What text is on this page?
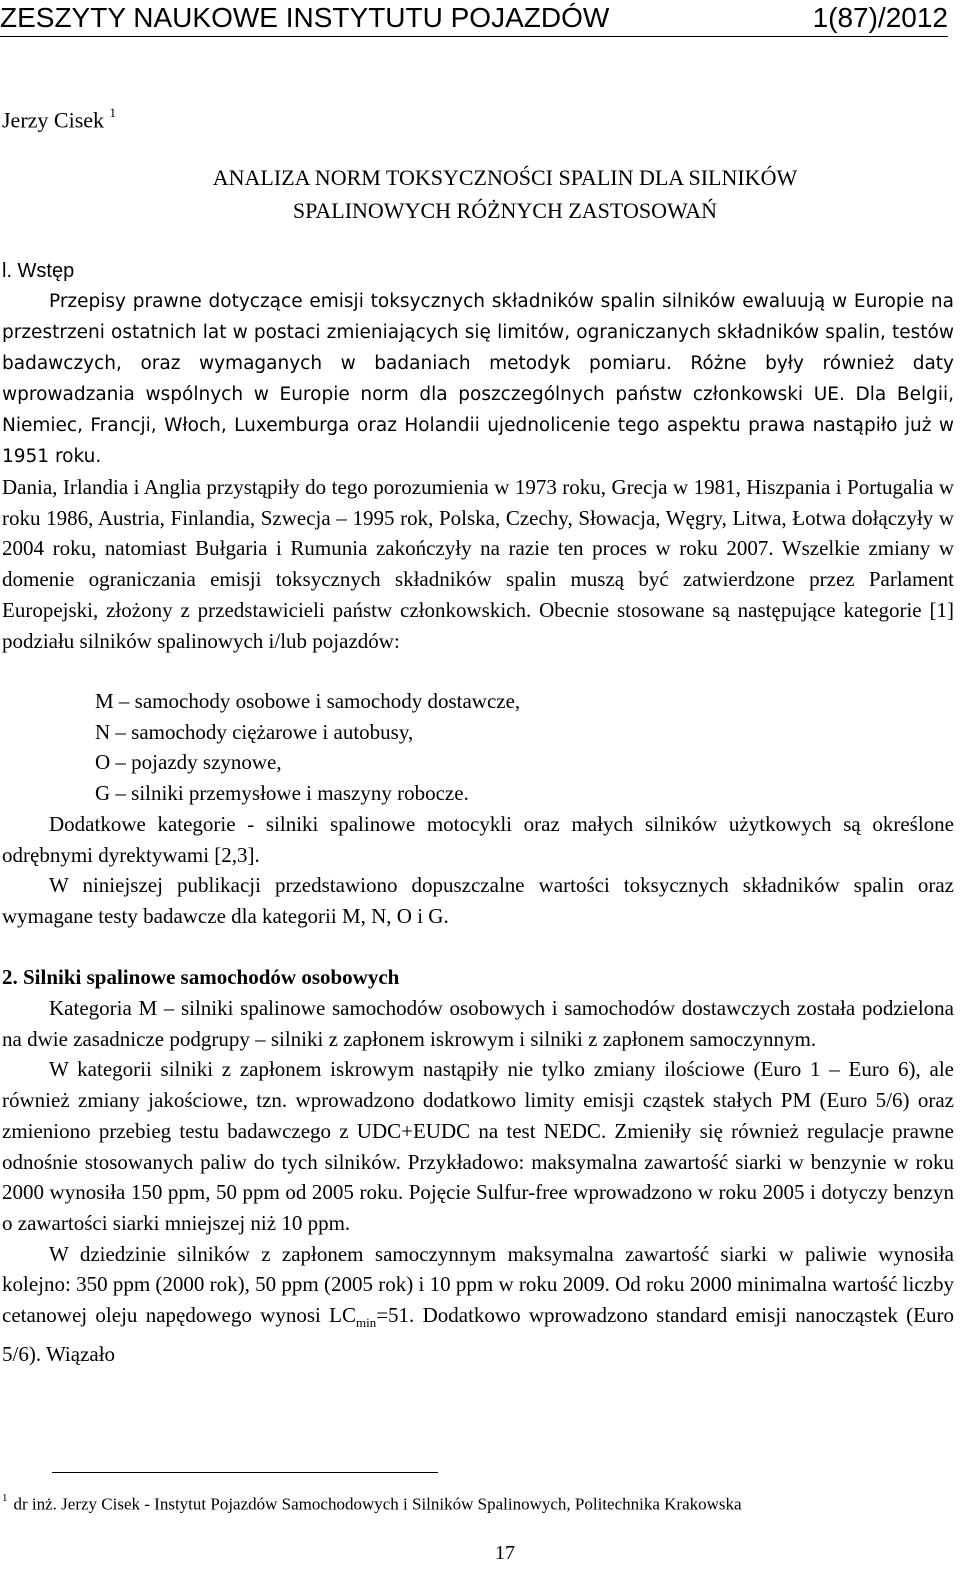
ZESZYTY NAUKOWE INSTYTUTU POJAZDÓW	1(87)/2012
Jerzy Cisek $^1$
ANALIZA NORM TOKSYCZNOŚCI SPALIN DLA SILNIKÓW
SPALINOWYCH RÓŻNYCH ZASTOSOWAŃ
l. Wstęp

Przepisy prawne dotyczące emisji toksycznych składników spalin silników ewaluują w Europie na przestrzeni ostatnich lat w postaci zmieniających się limitów, ograniczanych składników spalin, testów badawczych, oraz wymaganych w badaniach metodyk pomiaru. Różne były również daty wprowadzania wspólnych w Europie norm dla poszczególnych państw członkowski UE. Dla Belgii, Niemiec, Francji, Włoch, Luxemburga oraz Holandii ujednolicenie tego aspektu prawa nastąpiło już w 1951 roku.

Dania, Irlandia i Anglia przystąpiły do tego porozumienia w 1973 roku, Grecja w 1981, Hiszpania i Portugalia w roku 1986, Austria, Finlandia, Szwecja – 1995 rok, Polska, Czechy, Słowacja, Węgry, Litwa, Łotwa dołączyły w 2004 roku, natomiast Bułgaria i Rumunia zakończyły na razie ten proces w roku 2007. Wszelkie zmiany w domenie ograniczania emisji toksycznych składników spalin muszą być zatwierdzone przez Parlament Europejski, złożony z przedstawicieli państw członkowskich. Obecnie stosowane są następujące kategorie [1] podziału silników spalinowych i/lub pojazdów:

M – samochody osobowe i samochody dostawcze,
N – samochody ciężarowe i autobusy,
O – pojazdy szynowe,
G – silniki przemysłowe i maszyny robocze.

Dodatkowe kategorie - silniki spalinowe motocykli oraz małych silników użytkowych są określone odrębnymi dyrektywami [2,3].

W niniejszej publikacji przedstawiono dopuszczalne wartości toksycznych składników spalin oraz wymagane testy badawcze dla kategorii M, N, O i G.

2. Silniki spalinowe samochodów osobowych

Kategoria M – silniki spalinowe samochodów osobowych i samochodów dostawczych została podzielona na dwie zasadnicze podgrupy – silniki z zapłonem iskrowym i silniki z zapłonem samoczynnym.

W kategorii silniki z zapłonem iskrowym nastąpiły nie tylko zmiany ilościowe (Euro 1 – Euro 6), ale również zmiany jakościowe, tzn. wprowadzono dodatkowo limity emisji cząstek stałych PM (Euro 5/6) oraz zmieniono przebieg testu badawczego z UDC+EUDC na test NEDC. Zmieniły się również regulacje prawne odnośnie stosowanych paliw do tych silników. Przykładowo: maksymalna zawartość siarki w benzynie w roku 2000 wynosiła 150 ppm, 50 ppm od 2005 roku. Pojęcie Sulfur-free wprowadzono w roku 2005 i dotyczy benzyn o zawartości siarki mniejszej niż 10 ppm.

W dziedzinie silników z zapłonem samoczynnym maksymalna zawartość siarki w paliwie wynosiła kolejno: 350 ppm (2000 rok), 50 ppm (2005 rok) i 10 ppm w roku 2009. Od roku 2000 minimalna wartość liczby cetanowej oleju napędowego wynosi $LC_{min}=51$. Dodatkowo wprowadzono standard emisji nanocząstek (Euro 5/6). Wiązało

$^1$ dr inż. Jerzy Cisek - Instytut Pojazdów Samochodowych i Silników Spalinowych, Politechnika Krakowska
17
